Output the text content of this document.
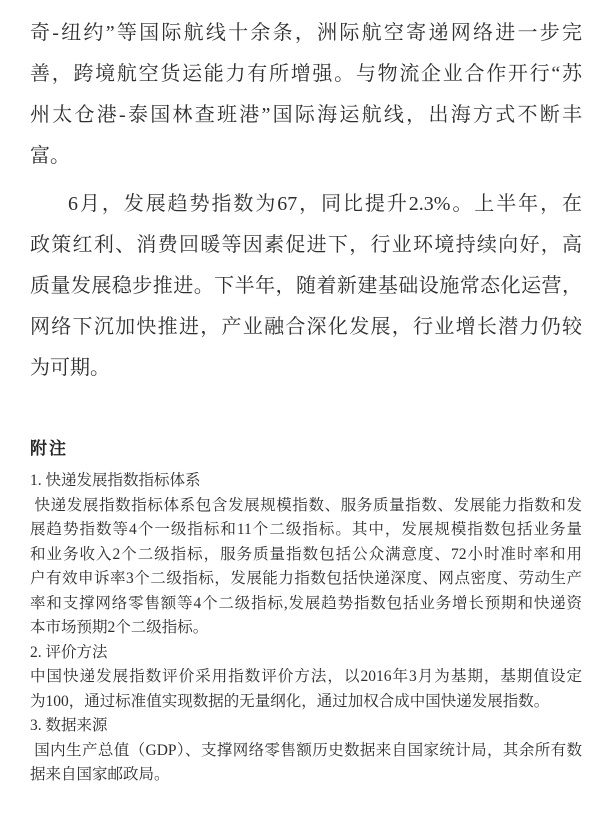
奇-纽约”等国际航线十余条，洲际航空寄递网络进一步完
善，跨境航空货运能力有所增强。与物流企业合作开行“苏
州太仓港-泰国林查班港”国际海运航线，出海方式不断丰
富。
6月，发展趋势指数为67，同比提升2.3%。上半年，在
政策红利、消费回暖等因素促进下，行业环境持续向好，高
质量发展稳步推进。下半年，随着新建基础设施常态化运营，
网络下沉加快推进，产业融合深化发展，行业增长潜力仍较
为可期。
附注
1. 快递发展指数指标体系
快递发展指数指标体系包含发展规模指数、服务质量指数、发展能力指数和发
展趋势指数等4个一级指标和11个二级指标。其中，发展规模指数包括业务量
和业务收入2个二级指标，服务质量指数包括公众满意度、72小时准时率和用
户有效申诉率3个二级指标，发展能力指数包括快递深度、网点密度、劳动生产
率和支撑网络零售额等4个二级指标,发展趋势指数包括业务增长预期和快递资
本市场预期2个二级指标。
2. 评价方法
中国快递发展指数评价采用指数评价方法，以2016年3月为基期，基期值设定
为100，通过标准值实现数据的无量纲化，通过加权合成中国快递发展指数。
3. 数据来源
国内生产总值（GDP）、支撑网络零售额历史数据来自国家统计局，其余所有数
据来自国家邮政局。
